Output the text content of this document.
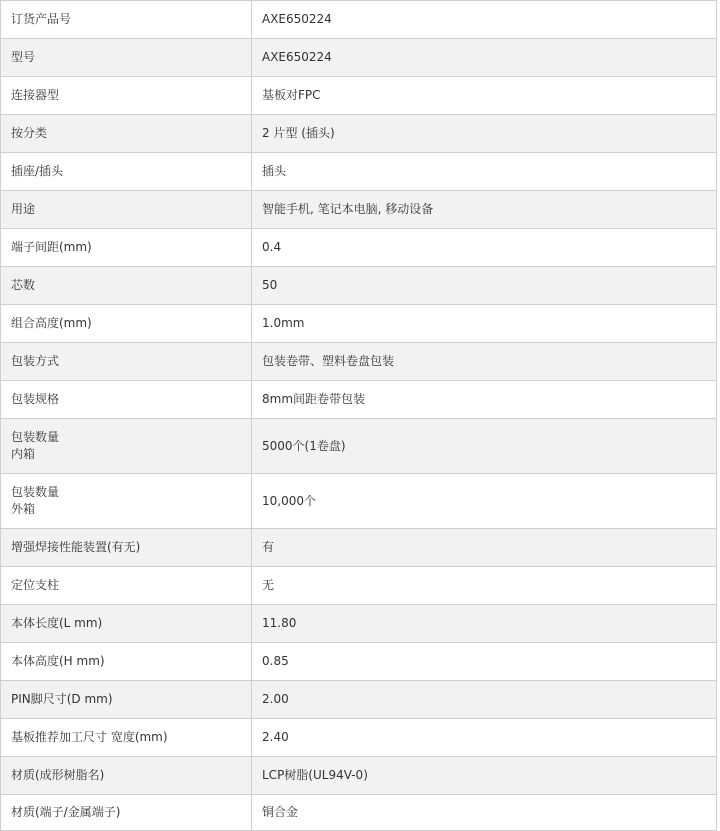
订货产品号	AXE650224
型号	AXE650224
连接器型	基板对FPC
按分类	2 片型 (插头)
插座/插头	插头
用途	智能手机, 笔记本电脑, 移动设备
端子间距(mm)	0.4
芯数	50
组合高度(mm)	1.0mm
包装方式	包装卷带、塑料卷盘包装
包装规格	8mm间距卷带包装

包装数量
内箱	5000个(1卷盘)

包装数量
外箱	10,000个
增强焊接性能装置(有无)	有
定位支柱	无
本体长度(L mm)	11.80
本体高度(H mm)	0.85
PIN脚尺寸(D mm)	2.00
基板推荐加工尺寸 宽度(mm)	2.40
材质(成形树脂名)	LCP树脂(UL94V-0)
材质(端子/金属端子)	铜合金
